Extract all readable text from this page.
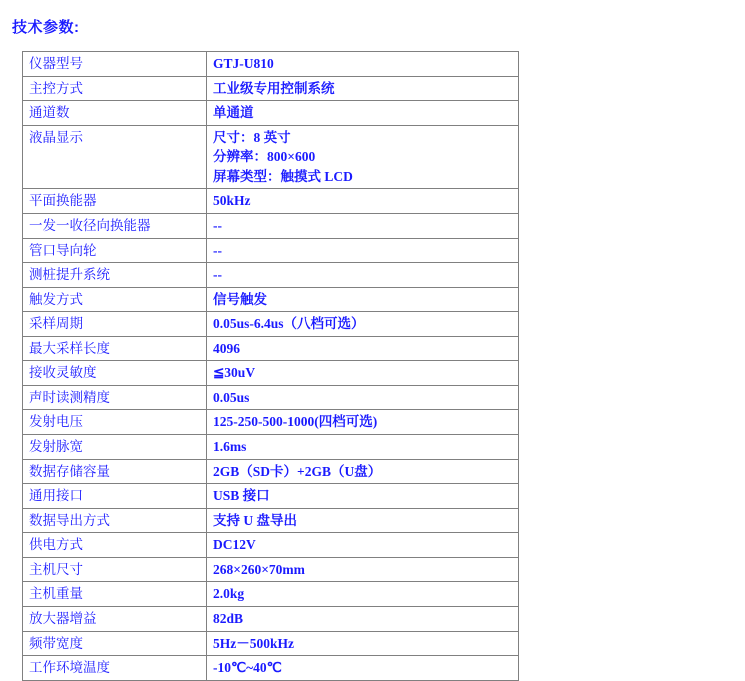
技术参数:
仪器型号	GTJ-U810
主控方式	工业级专用控制系统
通道数	单通道
液晶显示	尺寸：8 英寸
分辨率：800×600
屏幕类型：触摸式 LCD

平面换能器	50kHz
一发一收径向换能器	--
管口导向轮	--
测桩提升系统	--
触发方式	信号触发
采样周期	0.05us-6.4us（八档可选）
最大采样长度	4096
接收灵敏度	≦30uV
声时读测精度	0.05us
发射电压	125-250-500-1000(四档可选)
发射脉宽	1.6ms
数据存储容量	2GB（SD卡）+2GB（U盘）
通用接口	USB 接口
数据导出方式	支持 U 盘导出
供电方式	DC12V
主机尺寸	268×260×70mm
主机重量	2.0kg
放大器增益	82dB
频带宽度	5Hz－500kHz
工作环境温度	-10℃~40℃
